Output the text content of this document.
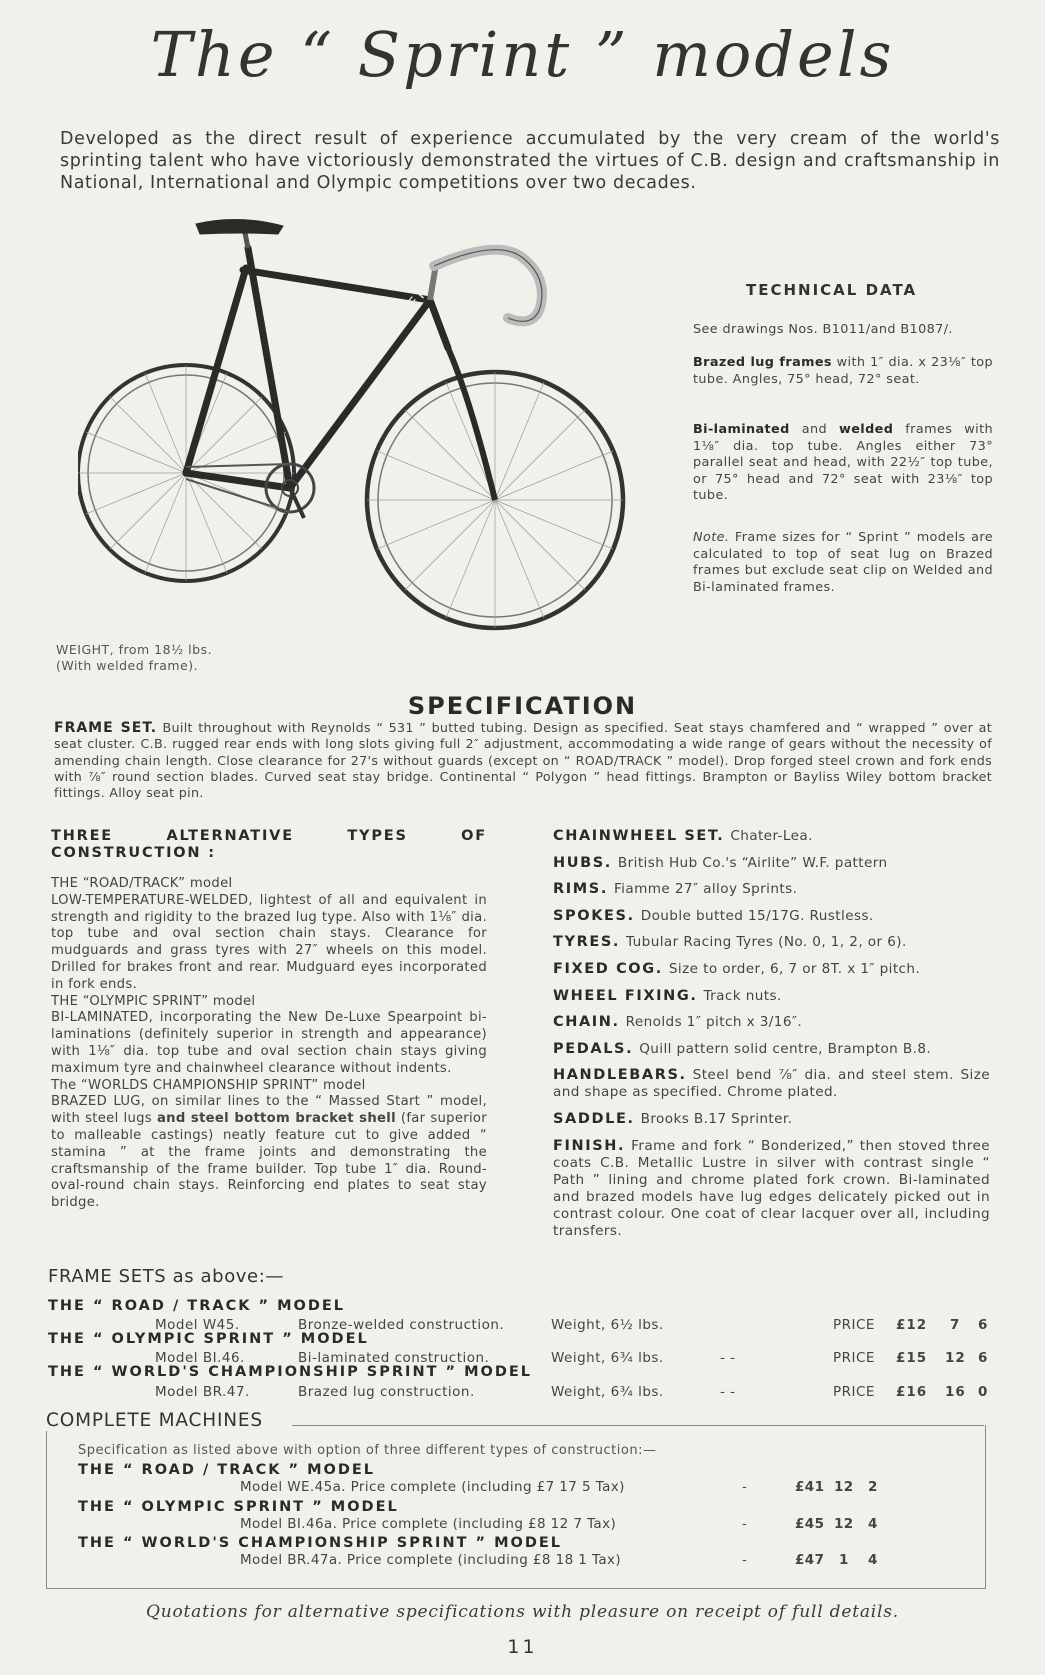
The “ Sprint ” models
Developed as the direct result of experience accumulated by the very cream of the world's sprinting talent who have victoriously demonstrated the virtues of C.B. design and craftsmanship in National, International and Olympic competitions over two decades.
CLAUD BUTLER
WEIGHT, from 18½ lbs.
(With welded frame).
TECHNICAL DATA
See drawings Nos. B1011/and B1087/.
Brazed lug frames with 1″ dia. x 23⅛″ top tube. Angles, 75° head, 72° seat.
Bi-laminated and welded frames with 1⅛″ dia. top tube. Angles either 73° parallel seat and head, with 22½″ top tube, or 75° head and 72° seat with 23⅛″ top tube.
Note. Frame sizes for “ Sprint ” models are calculated to top of seat lug on Brazed frames but exclude seat clip on Welded and Bi-laminated frames.
SPECIFICATION
FRAME SET. Built throughout with Reynolds “ 531 ” butted tubing. Design as specified. Seat stays chamfered and “ wrapped ” over at seat cluster. C.B. rugged rear ends with long slots giving full 2″ adjustment, accommodating a wide range of gears without the necessity of amending chain length. Close clearance for 27's without guards (except on “ ROAD/TRACK ” model). Drop forged steel crown and fork ends with ⅞″ round section blades. Curved seat stay bridge. Continental “ Polygon ” head fittings. Brampton or Bayliss Wiley bottom bracket fittings. Alloy seat pin.

THREE ALTERNATIVE TYPES OF CONSTRUCTION :

THE “ROAD/TRACK” model

LOW-TEMPERATURE-WELDED, lightest of all and equivalent in strength and rigidity to the brazed lug type. Also with 1⅛″ dia. top tube and oval section chain stays. Clearance for mudguards and grass tyres with 27″ wheels on this model. Drilled for brakes front and rear. Mudguard eyes incorporated in fork ends.

THE “OLYMPIC SPRINT” model

BI-LAMINATED, incorporating the New De-Luxe Spearpoint bi-laminations (definitely superior in strength and appearance) with 1⅛″ dia. top tube and oval section chain stays giving maximum tyre and chainwheel clearance without indents.

The “WORLDS CHAMPIONSHIP SPRINT” model

BRAZED LUG, on similar lines to the “ Massed Start ” model, with steel lugs and steel bottom bracket shell (far superior to malleable castings) neatly feature cut to give added “ stamina ” at the frame joints and demonstrating the craftsmanship of the frame builder. Top tube 1″ dia. Round-oval-round chain stays. Reinforcing end plates to seat stay bridge.

CHAINWHEEL SET. Chater-Lea.
HUBS. British Hub Co.'s “Airlite” W.F. pattern
RIMS. Fiamme 27″ alloy Sprints.
SPOKES. Double butted 15/17G. Rustless.
TYRES. Tubular Racing Tyres (No. 0, 1, 2, or 6).
FIXED COG. Size to order, 6, 7 or 8T. x 1″ pitch.
WHEEL FIXING. Track nuts.
CHAIN. Renolds 1″ pitch x 3/16″.
PEDALS. Quill pattern solid centre, Brampton B.8.
HANDLEBARS. Steel bend ⅞″ dia. and steel stem. Size and shape as specified. Chrome plated.
SADDLE. Brooks B.17 Sprinter.
FINISH. Frame and fork “ Bonderized,” then stoved three coats C.B. Metallic Lustre in silver with contrast single “ Path ” lining and chrome plated fork crown. Bi-laminated and brazed models have lug edges delicately picked out in contrast colour. One coat of clear lacquer over all, including transfers.
FRAME SETS as above:—
THE “ ROAD / TRACK ” MODEL
Model W45.	Bronze-welded construction.	Weight, 6½ lbs.	PRICE £12 7 6
THE “ OLYMPIC SPRINT ” MODEL
Model BI.46.	Bi-laminated construction.	Weight, 6¾ lbs.	- -	PRICE £15 12 6
THE “ WORLD'S CHAMPIONSHIP SPRINT ” MODEL
Model BR.47.	Brazed lug construction.	Weight, 6¾ lbs.	- -	PRICE £16 16 0
COMPLETE MACHINES
Specification as listed above with option of three different types of construction:—
THE “ ROAD / TRACK ” MODEL
Model WE.45a. Price complete (including £7 17 5 Tax)	-	£41 12 2
THE “ OLYMPIC SPRINT ” MODEL
Model BI.46a. Price complete (including £8 12 7 Tax)	-	£45 12 4
THE “ WORLD'S CHAMPIONSHIP SPRINT ” MODEL
Model BR.47a. Price complete (including £8 18 1 Tax)	-	£47 1 4
Quotations for alternative specifications with pleasure on receipt of full details.
11
